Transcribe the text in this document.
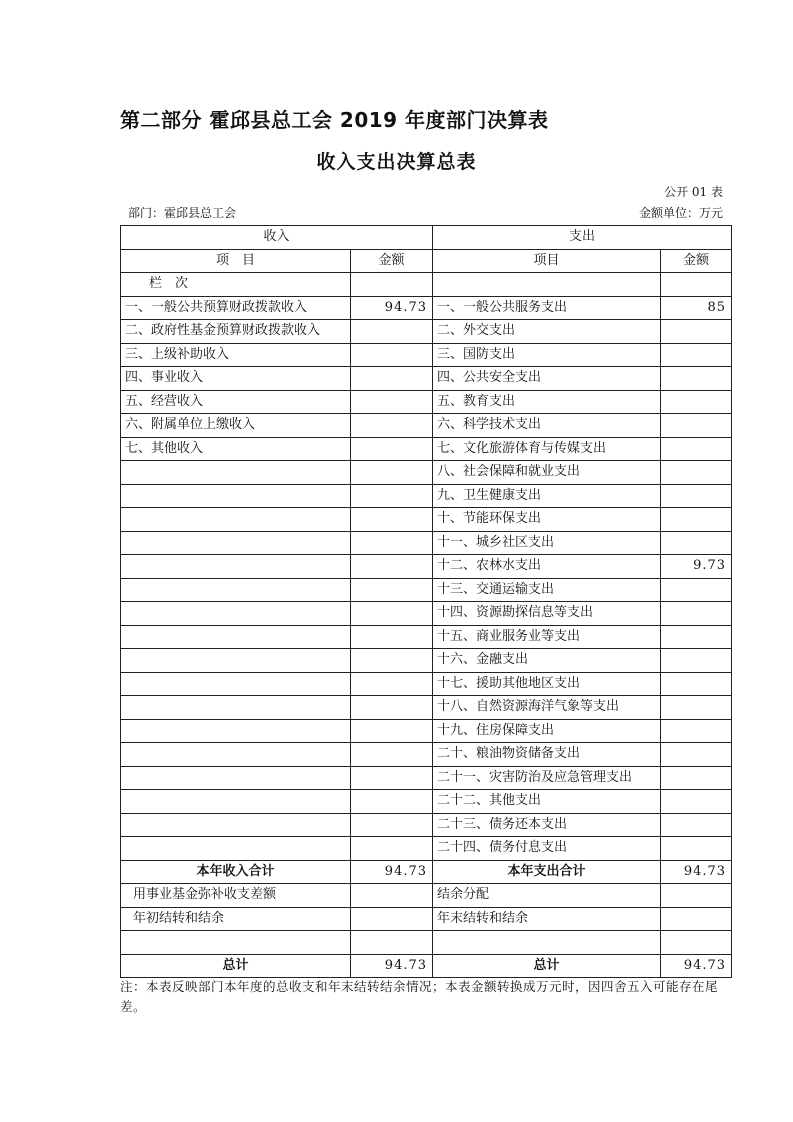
第二部分 霍邱县总工会 2019 年度部门决算表
收入支出决算总表
公开 01 表
部门：霍邱县总工会	金额单位：万元
收入		支出	
项　目	金额	项目	金额
栏　次			
一、一般公共预算财政拨款收入	94.73	一、一般公共服务支出	85
二、政府性基金预算财政拨款收入		二、外交支出	
三、上级补助收入		三、国防支出	
四、事业收入		四、公共安全支出	
五、经营收入		五、教育支出	
六、附属单位上缴收入		六、科学技术支出	
七、其他收入		七、文化旅游体育与传媒支出	
		八、社会保障和就业支出	
		九、卫生健康支出	
		十、节能环保支出	
		十一、城乡社区支出	
		十二、农林水支出	9.73
		十三、交通运输支出	
		十四、资源勘探信息等支出	
		十五、商业服务业等支出	
		十六、金融支出	
		十七、援助其他地区支出	
		十八、自然资源海洋气象等支出	
		十九、住房保障支出	
		二十、粮油物资储备支出	
		二十一、灾害防治及应急管理支出	
		二十二、其他支出	
		二十三、债务还本支出	
		二十四、债务付息支出	
本年收入合计	94.73	本年支出合计	94.73
用事业基金弥补收支差额		结余分配	
年初结转和结余		年末结转和结余	

总计	94.73	总计	94.73
注：本表反映部门本年度的总收支和年末结转结余情况；本表金额转换成万元时，因四舍五入可能存在尾差。
